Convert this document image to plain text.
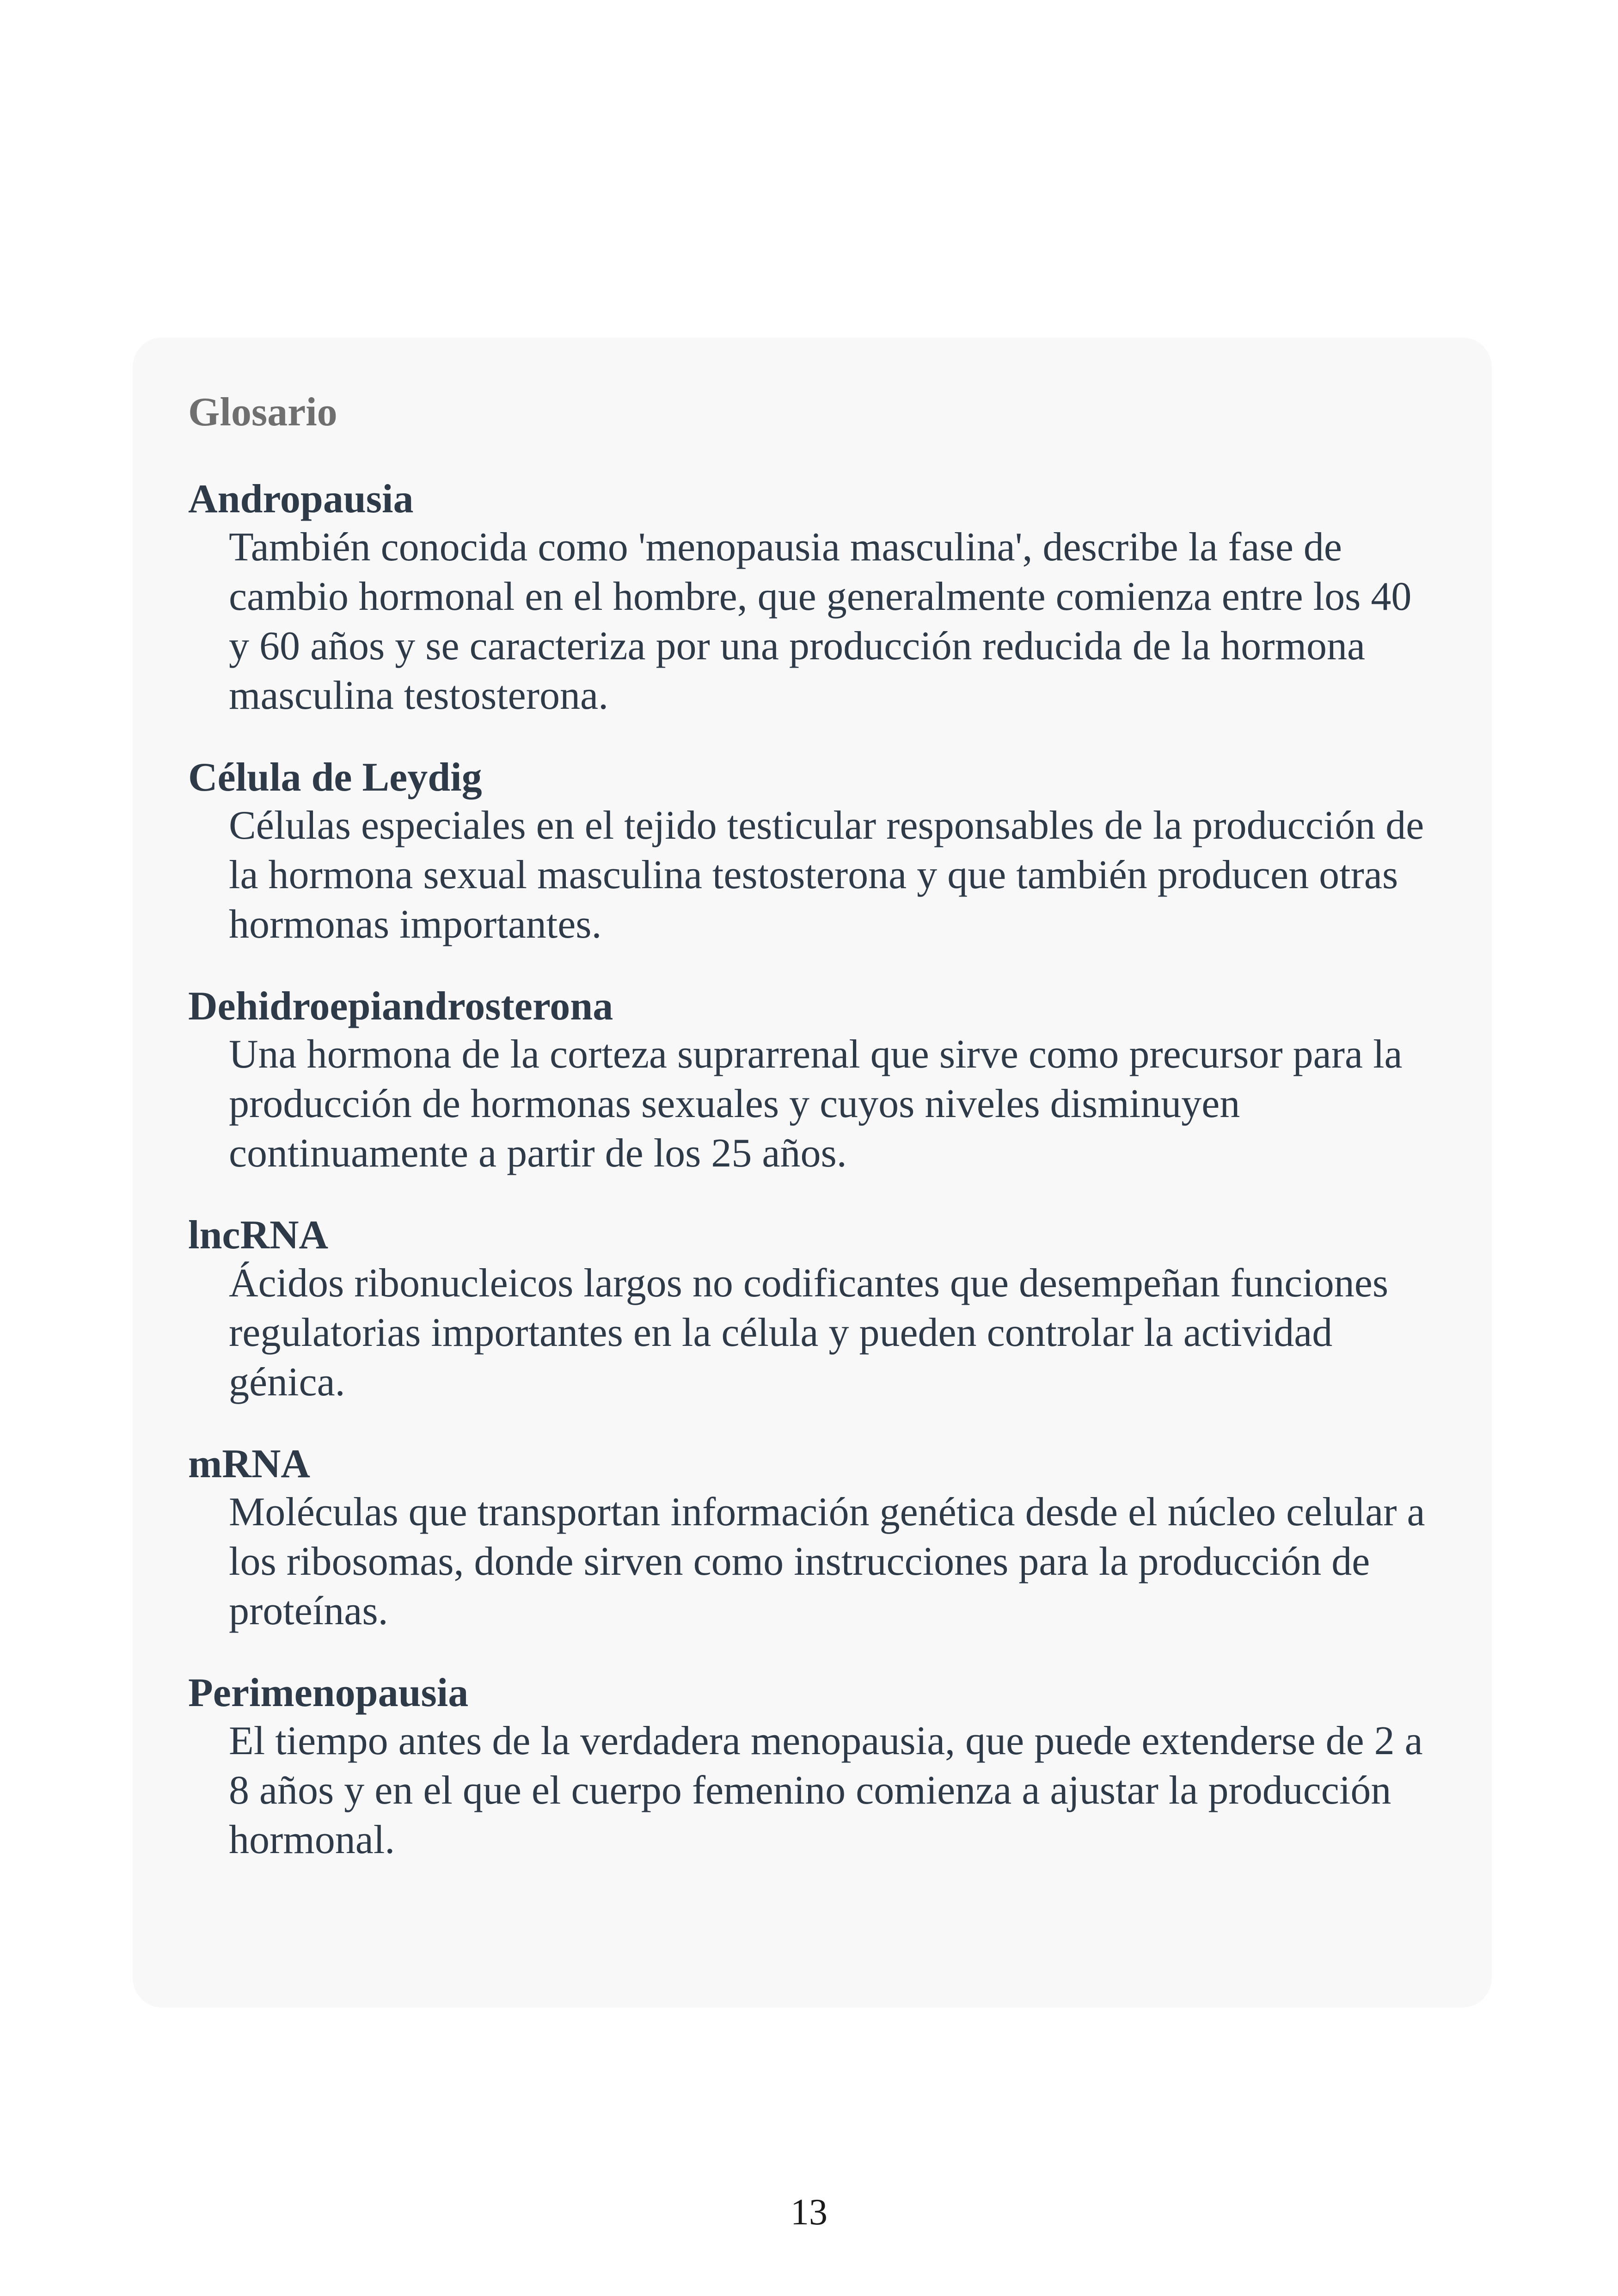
Glosario
Andropausia
También conocida como 'menopausia masculina', describe la fase de cambio hormonal en el hombre, que generalmente comienza entre los 40 y 60 años y se caracteriza por una producción reducida de la hormona masculina testosterona.
Célula de Leydig
Células especiales en el tejido testicular responsables de la producción de la hormona sexual masculina testosterona y que también producen otras hormonas importantes.
Dehidroepiandrosterona
Una hormona de la corteza suprarrenal que sirve como precursor para la producción de hormonas sexuales y cuyos niveles disminuyen continuamente a partir de los 25 años.
lncRNA
Ácidos ribonucleicos largos no codificantes que desempeñan funciones regulatorias importantes en la célula y pueden controlar la actividad génica.
mRNA
Moléculas que transportan información genética desde el núcleo celular a los ribosomas, donde sirven como instrucciones para la producción de proteínas.
Perimenopausia
El tiempo antes de la verdadera menopausia, que puede extenderse de 2 a 8 años y en el que el cuerpo femenino comienza a ajustar la producción hormonal.
13
